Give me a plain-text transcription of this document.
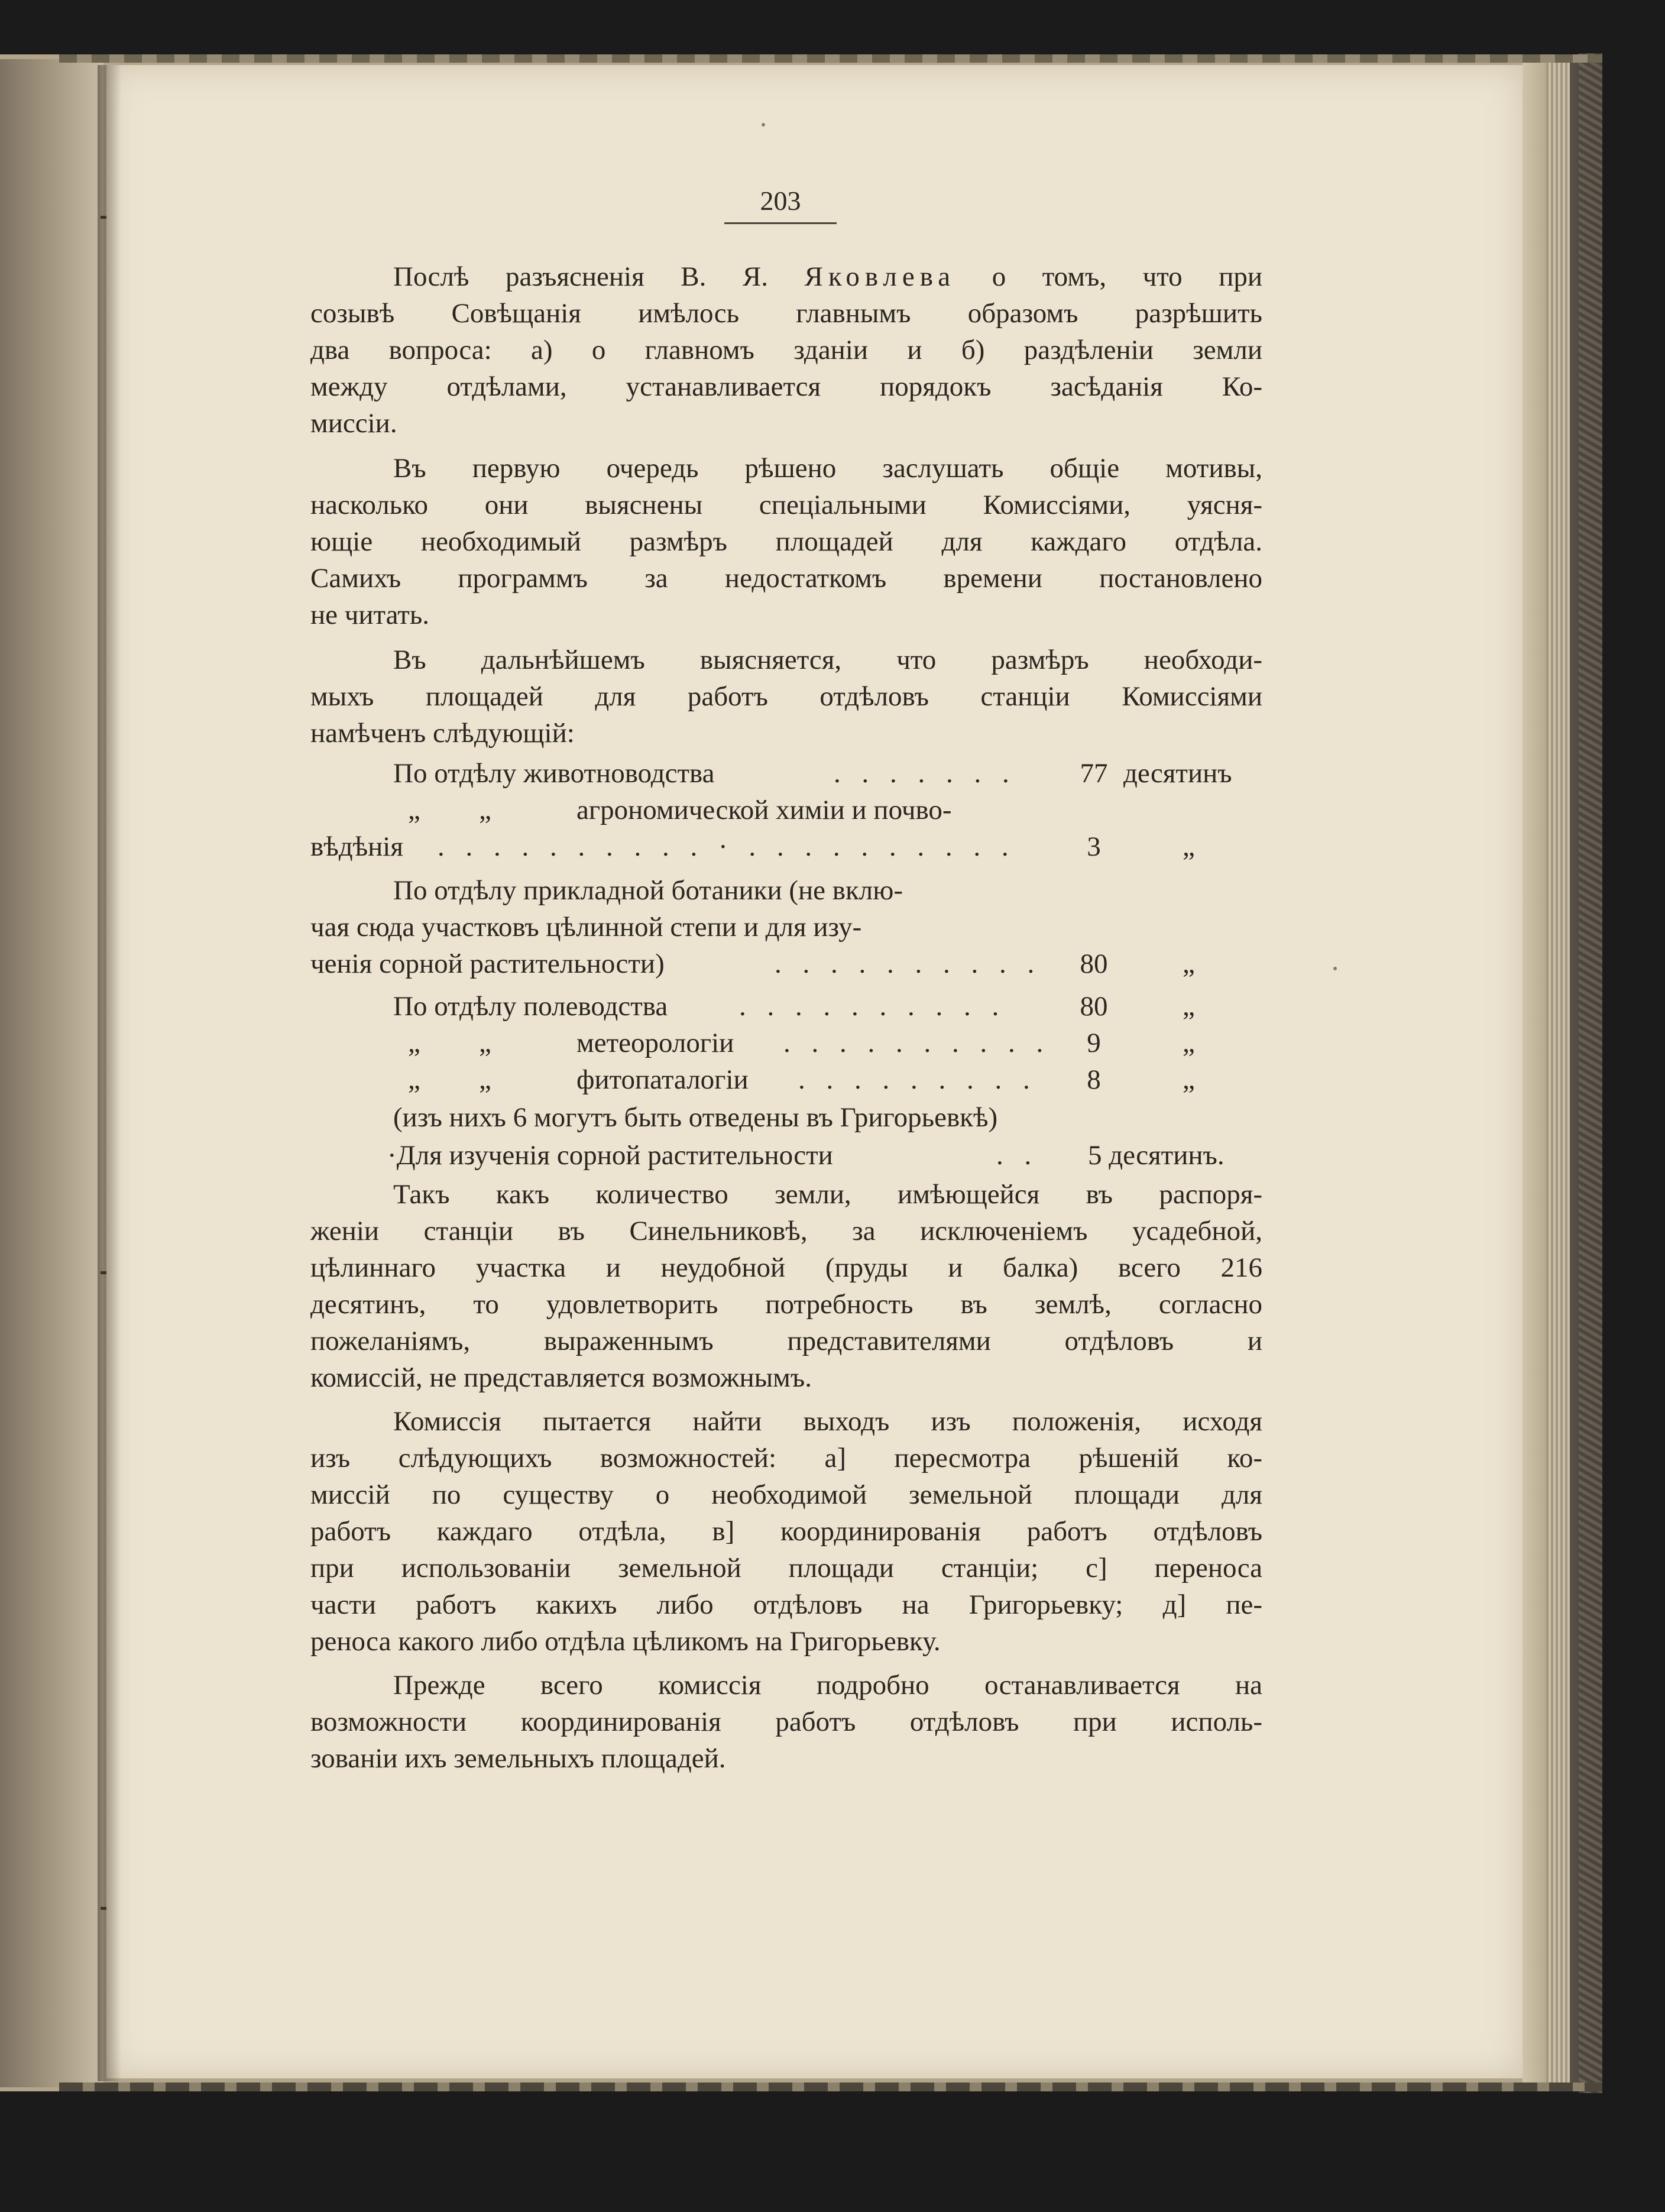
203
Послѣ разъясненія В. Я. Яковлева о томъ, что при
созывѣ Совѣщанія имѣлось главнымъ образомъ разрѣшить
два вопроса: а) о главномъ зданіи и б) раздѣленіи земли
между отдѣлами, устанавливается порядокъ засѣданія Ко-
миссіи.
Въ первую очередь рѣшено заслушать общіе мотивы,
насколько они выяснены спеціальными Комиссіями, уясня-
ющіе необходимый размѣръ площадей для каждаго отдѣла.
Самихъ программъ за недостаткомъ времени постановлено
не читать.
Въ дальнѣйшемъ выясняется, что размѣръ необходи-
мыхъ площадей для работъ отдѣловъ станціи Комиссіями
намѣченъ слѣдующій:
По отдѣлу животноводства	. . . . . . .	77 десятинъ
„ „	агрономической химіи и почво-
вѣдѣнія . . . . . . . . . . · . . . . . . . . . .	3	„
По отдѣлу прикладной ботаники (не вклю-
чая сюда участковъ цѣлинной степи и для изу-
ченія сорной растительности)	. . . . . . . . . .	80	„
По отдѣлу полеводства	. . . . . . . . . .	80	„
„ „	метеорологіи . . . . . . . . . .	9	„
„ „	фитопаталогіи . . . . . . . . .	8	„
(изъ нихъ 6 могутъ быть отведены въ Григорьевкѣ)
·Для изученія сорной растительности	. . 5 десятинъ.
Такъ какъ количество земли, имѣющейся въ распоря-
женіи станціи въ Синельниковѣ, за исключеніемъ усадебной,
цѣлиннаго участка и неудобной (пруды и балка) всего 216
десятинъ, то удовлетворить потребность въ землѣ, согласно
пожеланіямъ, выраженнымъ представителями отдѣловъ и
комиссій, не представляется возможнымъ.
Комиссія пытается найти выходъ изъ положенія, исходя
изъ слѣдующихъ возможностей: а] пересмотра рѣшеній ко-
миссій по существу о необходимой земельной площади для
работъ каждаго отдѣла, в] координированія работъ отдѣловъ
при использованіи земельной площади станціи; с] переноса
части работъ какихъ либо отдѣловъ на Григорьевку; д] пе-
реноса какого либо отдѣла цѣликомъ на Григорьевку.
Прежде всего комиссія подробно останавливается на
возможности координированія работъ отдѣловъ при исполь-
зованіи ихъ земельныхъ площадей.
